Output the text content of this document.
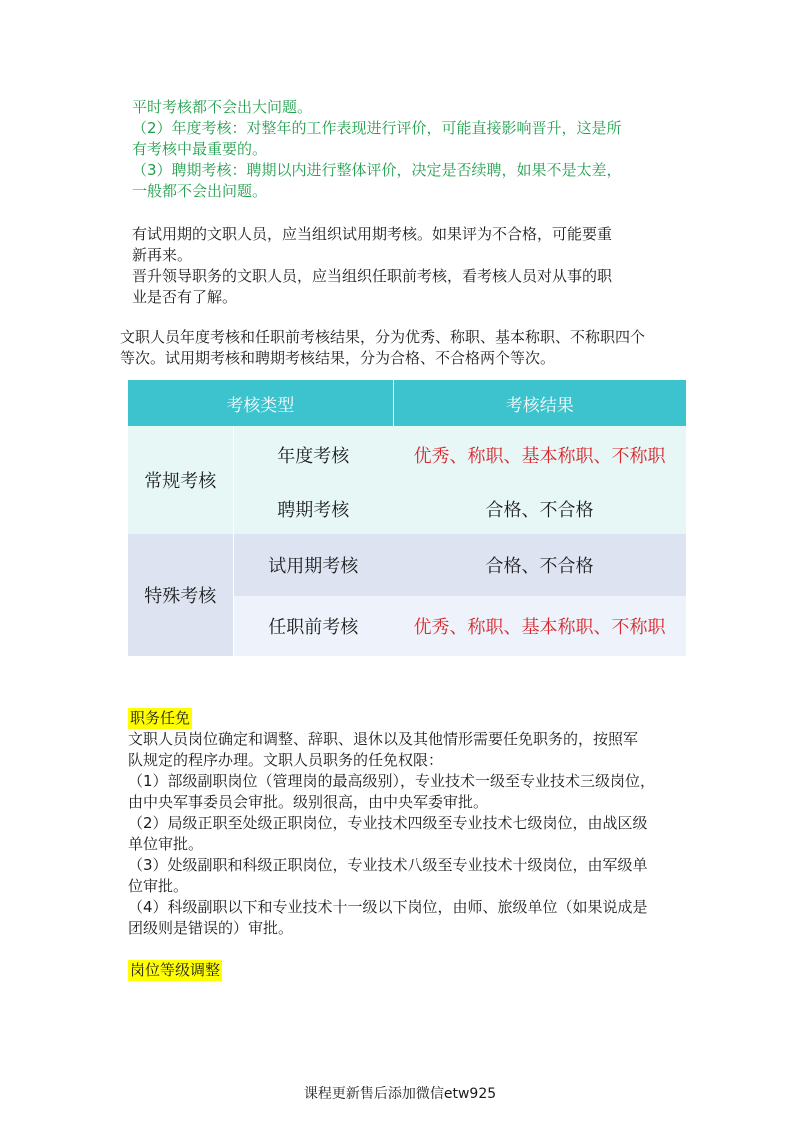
平时考核都不会出大问题。

（2）年度考核：对整年的工作表现进行评价，可能直接影响晋升，这是所

有考核中最重要的。

（3）聘期考核：聘期以内进行整体评价，决定是否续聘，如果不是太差，

一般都不会出问题。

有试用期的文职人员，应当组织试用期考核。如果评为不合格，可能要重

新再来。

晋升领导职务的文职人员，应当组织任职前考核，看考核人员对从事的职

业是否有了解。

文职人员年度考核和任职前考核结果，分为优秀、称职、基本称职、不称职四个

等次。试用期考核和聘期考核结果，分为合格、不合格两个等次。

考核类型		考核结果
常规考核	年度考核	优秀、称职、基本称职、不称职
	聘期考核	合格、不合格
特殊考核	试用期考核	合格、不合格
	任职前考核	优秀、称职、基本称职、不称职

职务任免

文职人员岗位确定和调整、辞职、退休以及其他情形需要任免职务的，按照军

队规定的程序办理。文职人员职务的任免权限：

（1）部级副职岗位（管理岗的最高级别），专业技术一级至专业技术三级岗位，

由中央军事委员会审批。级别很高，由中央军委审批。

（2）局级正职至处级正职岗位，专业技术四级至专业技术七级岗位，由战区级

单位审批。

（3）处级副职和科级正职岗位，专业技术八级至专业技术十级岗位，由军级单

位审批。

（4）科级副职以下和专业技术十一级以下岗位，由师、旅级单位（如果说成是

团级则是错误的）审批。

岗位等级调整
课程更新售后添加微信etw925
